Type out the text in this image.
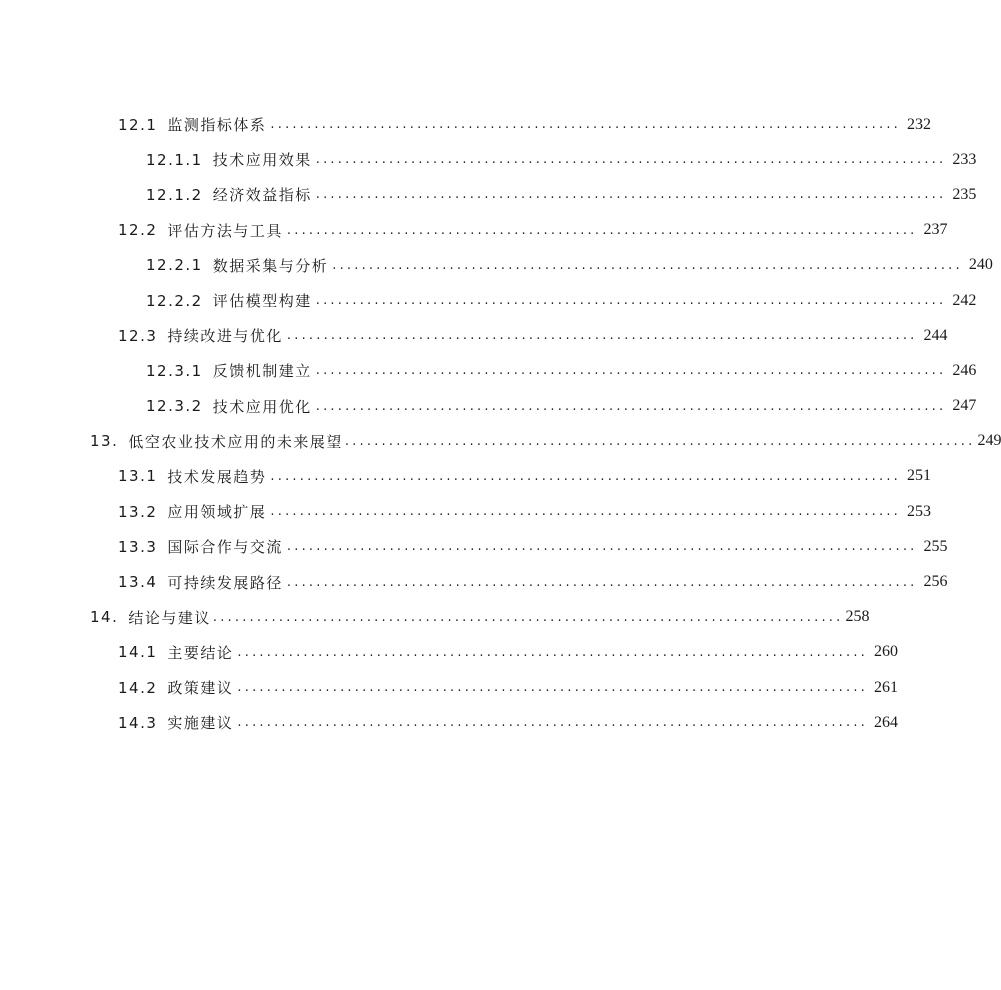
12.1 监测指标体系 ...................................................................................... 232
12.1.1 技术应用效果 ...................................................................................... 233
12.1.2 经济效益指标 ...................................................................................... 235
12.2 评估方法与工具 ...................................................................................... 237
12.2.1 数据采集与分析 ...................................................................................... 240
12.2.2 评估模型构建 ...................................................................................... 242
12.3 持续改进与优化 ...................................................................................... 244
12.3.1 反馈机制建立 ...................................................................................... 246
12.3.2 技术应用优化 ...................................................................................... 247
13. 低空农业技术应用的未来展望 ...................................................................................... 249
13.1 技术发展趋势 ...................................................................................... 251
13.2 应用领域扩展 ...................................................................................... 253
13.3 国际合作与交流 ...................................................................................... 255
13.4 可持续发展路径 ...................................................................................... 256
14. 结论与建议 ...................................................................................... 258
14.1 主要结论 ...................................................................................... 260
14.2 政策建议 ...................................................................................... 261
14.3 实施建议 ...................................................................................... 264
